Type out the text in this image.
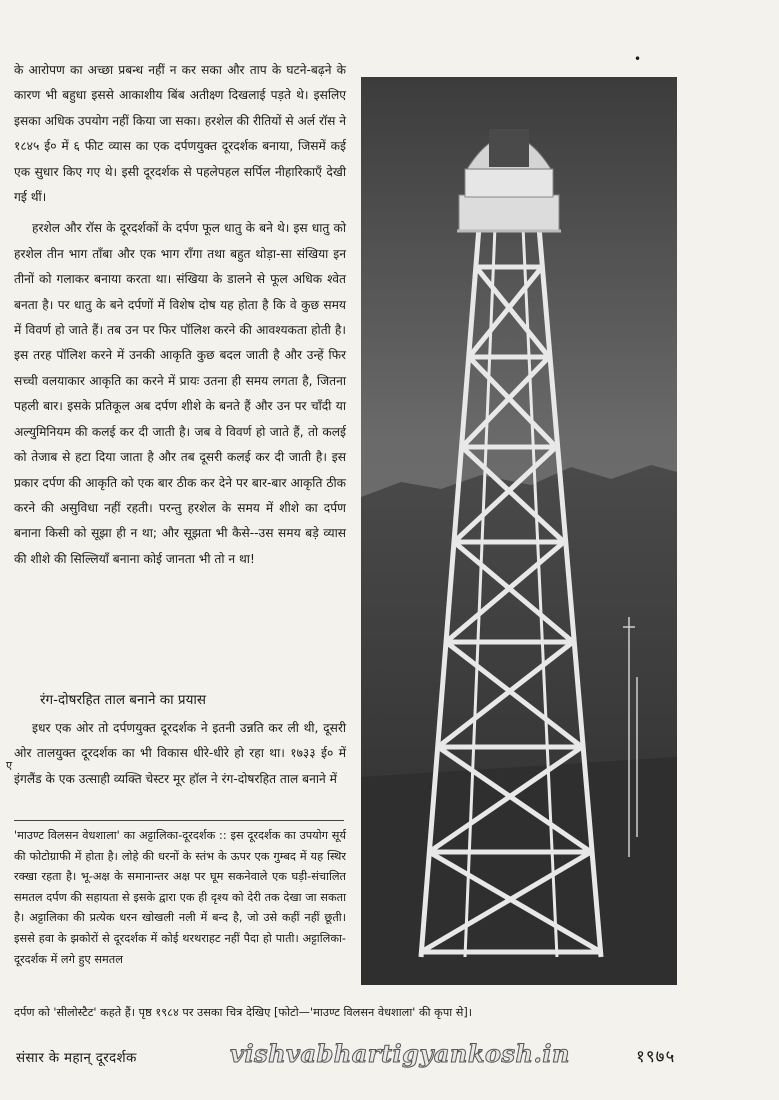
•

के आरोपण का अच्छा प्रबन्ध नहीं न कर सका और ताप के घटने-बढ़ने के कारण भी बहुधा इससे आकाशीय बिंब अतीक्ष्ण दिखलाई पड़ते थे। इसलिए इसका अधिक उपयोग नहीं किया जा सका। हरशेल की रीतियों से अर्ल रॉस ने १८४५ ई० में ६ फीट व्यास का एक दर्पणयुक्त दूरदर्शक बनाया, जिसमें कई एक सुधार किए गए थे। इसी दूरदर्शक से पहलेपहल सर्पिल नीहारिकाएँ देखी गई थीं।

हरशेल और रॉस के दूरदर्शकों के दर्पण फूल धातु के बने थे। इस धातु को हरशेल तीन भाग ताँबा और एक भाग राँगा तथा बहुत थोड़ा-सा संखिया इन तीनों को गलाकर बनाया करता था। संखिया के डालने से फूल अधिक श्वेत बनता है। पर धातु के बने दर्पणों में विशेष दोष यह होता है कि वे कुछ समय में विवर्ण हो जाते हैं। तब उन पर फिर पॉलिश करने की आवश्यकता होती है। इस तरह पॉलिश करने में उनकी आकृति कुछ बदल जाती है और उन्हें फिर सच्ची वलयाकार आकृति का करने में प्रायः उतना ही समय लगता है, जितना पहली बार। इसके प्रतिकूल अब दर्पण शीशे के बनते हैं और उन पर चाँदी या अल्युमिनियम की कलई कर दी जाती है। जब वे विवर्ण हो जाते हैं, तो कलई को तेजाब से हटा दिया जाता है और तब दूसरी कलई कर दी जाती है। इस प्रकार दर्पण की आकृति को एक बार ठीक कर देने पर बार-बार आकृति ठीक करने की असुविधा नहीं रहती। परन्तु हरशेल के समय में शीशे का दर्पण बनाना किसी को सूझा ही न था; और सूझता भी कैसे--उस समय बड़े व्यास की शीशे की सिल्लियाँ बनाना कोई जानता भी तो न था!

रंग-दोषरहित ताल बनाने का प्रयास

इधर एक ओर तो दर्पणयुक्त दूरदर्शक ने इतनी उन्नति कर ली थी, दूसरी ओर तालयुक्त दूरदर्शक का भी विकास धीरे-धीरे हो रहा था। १७३३ ई० में इंगलैंड के एक उत्साही व्यक्ति चेस्टर मूर हॉल ने रंग-दोषरहित ताल बनाने में

ए
'माउण्ट विलसन वेधशाला' का अट्टालिका-दूरदर्शक :: इस दूरदर्शक का उपयोग सूर्य की फोटोग्राफी में होता है। लोहे की धरनों के स्तंभ के ऊपर एक गुम्बद में यह स्थिर रक्खा रहता है। भू-अक्ष के समानान्तर अक्ष पर घूम सकनेवाले एक घड़ी-संचालित समतल दर्पण की सहायता से इसके द्वारा एक ही दृश्य को देरी तक देखा जा सकता है। अट्टालिका की प्रत्येक धरन खोखली नली में बन्द है, जो उसे कहीं नहीं छूती। इससे हवा के झकोरों से दूरदर्शक में कोई थरथराहट नहीं पैदा हो पाती। अट्टालिका-दूरदर्शक में लगे हुए समतल
दर्पण को 'सीलोस्टैट' कहते हैं। पृष्ठ १९८४ पर उसका चित्र देखिए [फोटो—'माउण्ट विलसन वेधशाला' की कृपा से]।
संसार के महान् दूरदर्शक	vishvabhartigyankosh.in	१९७५
